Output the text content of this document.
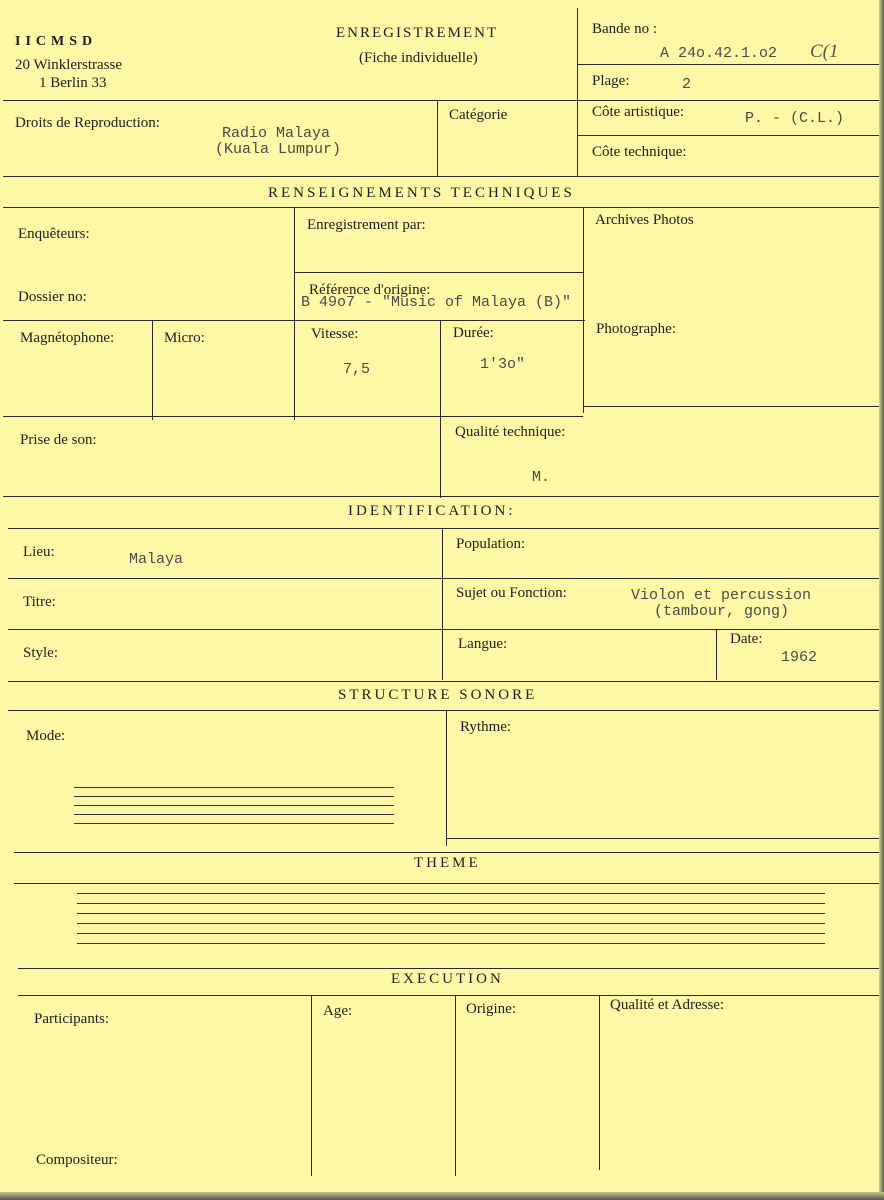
IICMSD
20 Winklerstrasse
1 Berlin 33
ENREGISTREMENT
(Fiche individuelle)
Bande no :
A 24o.42.1.o2 C(1
Plage:	2
Droits de Reproduction:
Radio Malaya
(Kuala Lumpur)
Catégorie	Côte artistique:	P. - (C.L.)
Côte technique:
RENSEIGNEMENTS TECHNIQUES
Enquêteurs:
Enregistrement par:	Archives Photos
Dossier no:	Référence d'origine:
B 49o7 - "Music of Malaya (B)"
Magnétophone:	Micro:	Vitesse:
7,5
Durée:
1'3o"
Photographe:
Prise de son:	Qualité technique:
M.
IDENTIFICATION:
Lieu:	Malaya
Population:
Titre:
Sujet ou Fonction:	Violon et percussion
(tambour, gong)
Style:
Langue:	Date:
1962
STRUCTURE SONORE
Mode:
Rythme:
THEME
EXECUTION
Participants:	Age:	Origine:	Qualité et Adresse:
Compositeur:
